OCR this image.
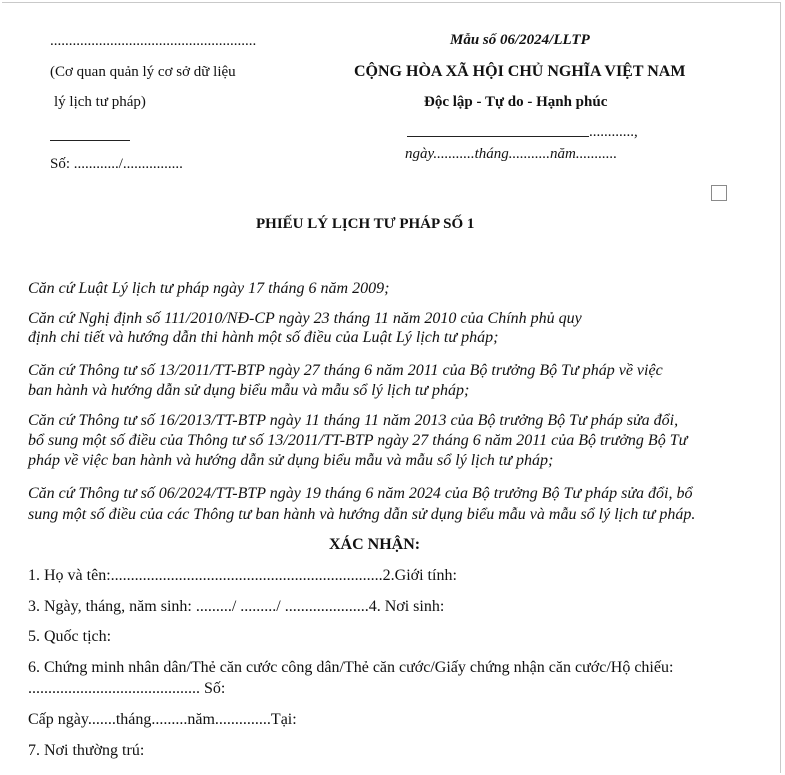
.......................................................
(Cơ quan quản lý cơ sở dữ liệu
lý lịch tư pháp)
Số: ............/................
Mẫu số 06/2024/LLTP
CỘNG HÒA XÃ HỘI CHỦ NGHĨA VIỆT NAM
Độc lập - Tự do - Hạnh phúc
............,
ngày...........tháng...........năm...........
PHIẾU LÝ LỊCH TƯ PHÁP SỐ 1
Căn cứ Luật Lý lịch tư pháp ngày 17 tháng 6 năm 2009;
Căn cứ Nghị định số 111/2010/NĐ-CP ngày 23 tháng 11 năm 2010 của Chính phủ quy
định chi tiết và hướng dẫn thi hành một số điều của Luật Lý lịch tư pháp;
Căn cứ Thông tư số 13/2011/TT-BTP ngày 27 tháng 6 năm 2011 của Bộ trưởng Bộ Tư pháp về việc
ban hành và hướng dẫn sử dụng biểu mẫu và mẫu sổ lý lịch tư pháp;
Căn cứ Thông tư số 16/2013/TT-BTP ngày 11 tháng 11 năm 2013 của Bộ trưởng Bộ Tư pháp sửa đổi,
bổ sung một số điều của Thông tư số 13/2011/TT-BTP ngày 27 tháng 6 năm 2011 của Bộ trưởng Bộ Tư
pháp về việc ban hành và hướng dẫn sử dụng biểu mẫu và mẫu sổ lý lịch tư pháp;
Căn cứ Thông tư số 06/2024/TT-BTP ngày 19 tháng 6 năm 2024 của Bộ trưởng Bộ Tư pháp sửa đổi, bổ
sung một số điều của các Thông tư ban hành và hướng dẫn sử dụng biểu mẫu và mẫu sổ lý lịch tư pháp.
XÁC NHẬN:
1. Họ và tên:....................................................................2.Giới tính:
3. Ngày, tháng, năm sinh: ........./ ........./ .....................4. Nơi sinh:
5. Quốc tịch:
6. Chứng minh nhân dân/Thẻ căn cước công dân/Thẻ căn cước/Giấy chứng nhận căn cước/Hộ chiếu:
........................................... Số:
Cấp ngày.......tháng.........năm..............Tại:
7. Nơi thường trú:
